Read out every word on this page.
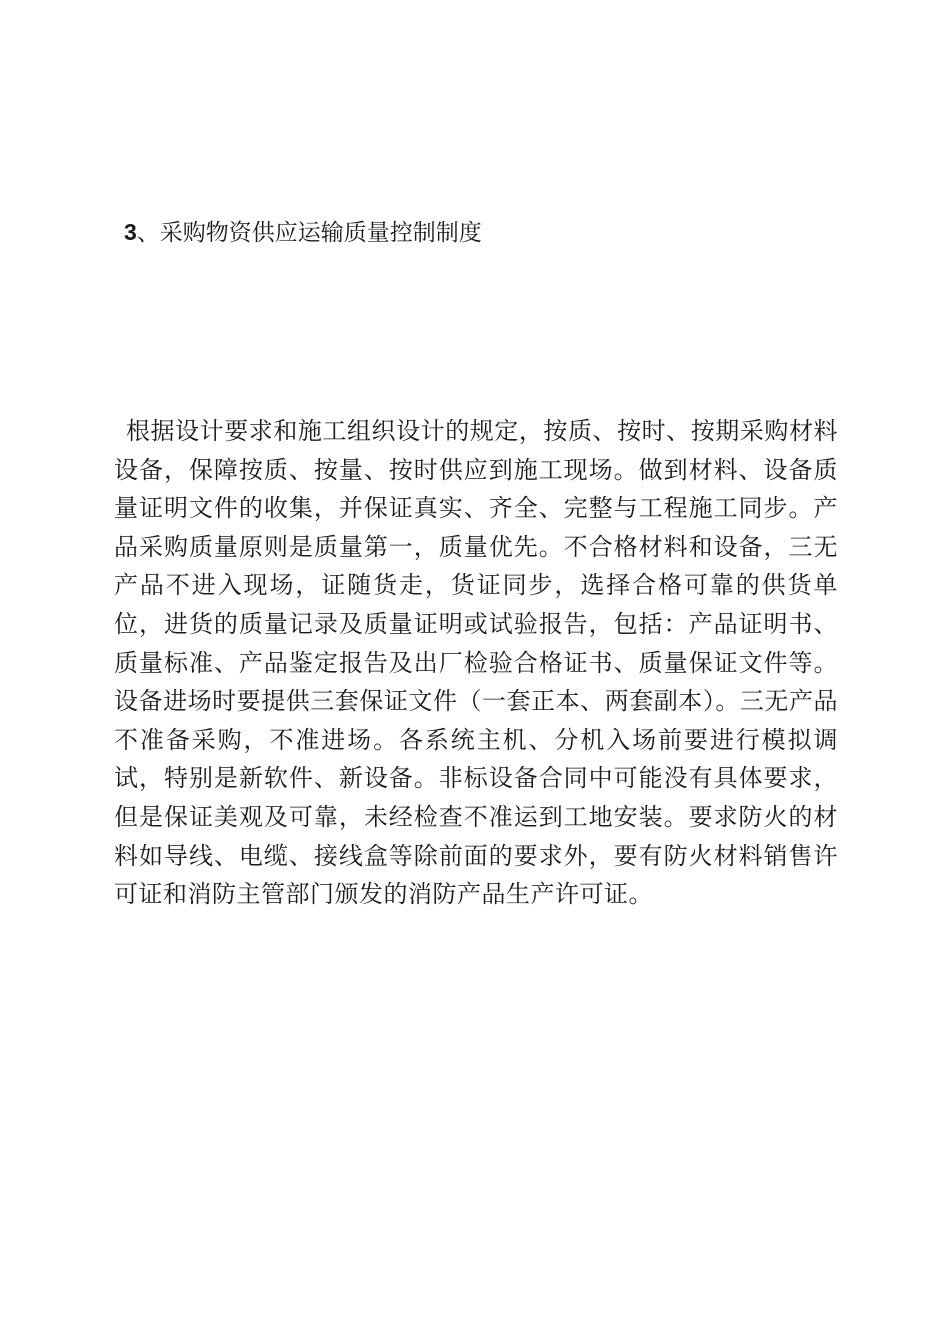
3、采购物资供应运输质量控制制度

根据设计要求和施工组织设计的规定，按质、按时、按期采购材料设备，保障按质、按量、按时供应到施工现场。做到材料、设备质量证明文件的收集，并保证真实、齐全、完整与工程施工同步。产品采购质量原则是质量第一，质量优先。不合格材料和设备，三无产品不进入现场，证随货走，货证同步，选择合格可靠的供货单位，进货的质量记录及质量证明或试验报告，包括：产品证明书、质量标准、产品鉴定报告及出厂检验合格证书、质量保证文件等。设备进场时要提供三套保证文件（一套正本、两套副本）。三无产品不准备采购，不准进场。各系统主机、分机入场前要进行模拟调试，特别是新软件、新设备。非标设备合同中可能没有具体要求，但是保证美观及可靠，未经检查不准运到工地安装。要求防火的材料如导线、电缆、接线盒等除前面的要求外，要有防火材料销售许可证和消防主管部门颁发的消防产品生产许可证。
